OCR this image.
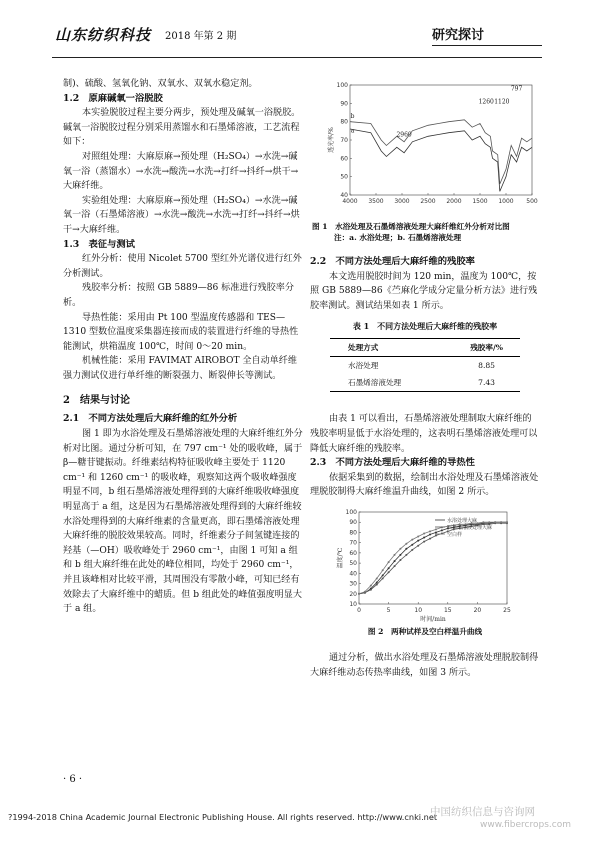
山东纺织科技 2018 年第 2 期	研究探讨

制)、硫酸、氢氧化钠、双氧水、双氧水稳定剂。

1.2　原麻碱氧一浴脱胶

本实验脱胶过程主要分两步，预处理及碱氧一浴脱胶。碱氧一浴脱胶过程分别采用蒸馏水和石墨烯溶液，工艺流程如下：

对照组处理：大麻原麻→预处理（H₂SO₄）→水洗→碱氧一浴（蒸馏水）→水洗→酸洗→水洗→打纤→抖纤→烘干→大麻纤维。

实验组处理：大麻原麻→预处理（H₂SO₄）→水洗→碱氧一浴（石墨烯溶液）→水洗→酸洗→水洗→打纤→抖纤→烘干→大麻纤维。

1.3　表征与测试

红外分析：使用 Nicolet 5700 型红外光谱仪进行红外分析测试。

残胶率分析：按照 GB 5889—86 标准进行残胶率分析。

导热性能：采用由 Pt 100 型温度传感器和 TES—1310 型数位温度采集器连接而成的装置进行纤维的导热性能测试，烘箱温度 100℃，时间 0～20 min。

机械性能：采用 FAVIMAT AIROBOT 全自动单纤维强力测试仪进行单纤维的断裂强力、断裂伸长等测试。

2　结果与讨论

2.1　不同方法处理后大麻纤维的红外分析

图 1 即为水浴处理及石墨烯溶液处理的大麻纤维红外分析对比图。通过分析可知，在 797 cm⁻¹ 处的吸收峰，属于 β—糖苷键振动。纤维素结构特征吸收峰主要处于 1120 cm⁻¹ 和 1260 cm⁻¹ 的吸收峰，观察知这两个吸收峰强度明显不同，b 组石墨烯溶液处理得到的大麻纤维吸收峰强度明显高于 a 组，这是因为石墨烯溶液处理得到的大麻纤维较水浴处理得到的大麻纤维素的含量更高，即石墨烯溶液处理大麻纤维的脱胶效果较高。同时，纤维素分子间氢键连接的羟基（—OH）吸收峰处于 2960 cm⁻¹，由图 1 可知 a 组和 b 组大麻纤维在此处的峰位相同，均处于 2960 cm⁻¹，并且该峰相对比较平滑，其周围没有零散小峰，可知已经有效除去了大麻纤维中的蜡质。但 b 组此处的峰值强度明显大于 a 组。

4000 3500 3000 2500 2000 1500 1000 500
40
50
60
70
80
90
100
透光率/%
797
1260 1120
2960
a
b
图 1　水浴处理及石墨烯溶液处理大麻纤维红外分析对比图
注：a. 水浴处理；b. 石墨烯溶液处理

2.2　不同方法处理后大麻纤维的残胶率

本文选用脱胶时间为 120 min，温度为 100℃，按照 GB 5889—86《苎麻化学成分定量分析方法》进行残胶率测试。测试结果如表 1 所示。

表 1　不同方法处理后大麻纤维的残胶率
处理方式	残胶率/%
水浴处理	8.85
石墨烯溶液处理	7.43

由表 1 可以看出，石墨烯溶液处理制取大麻纤维的残胶率明显低于水浴处理的，这表明石墨烯溶液处理可以降低大麻纤维的残胶率。

2.3　不同方法处理后大麻纤维的导热性

依据采集到的数据，绘制出水浴处理及石墨烯溶液处理脱胶制得大麻纤维温升曲线，如图 2 所示。

0	5	10	15	20	25
10
20
30
40
50
60
70
80
90
100
温度/℃
时间/min
水浴处理大麻
石墨烯溶液处理大麻
空白样
图 2　两种试样及空白样温升曲线

通过分析，做出水浴处理及石墨烯溶液处理脱胶制得大麻纤维动态传热率曲线，如图 3 所示。

· 6 ·
?1994-2018 China Academic Journal Electronic Publishing House. All rights reserved. http://www.cnki.net
中国纺织信息与咨询网
www.fibercrops.com
